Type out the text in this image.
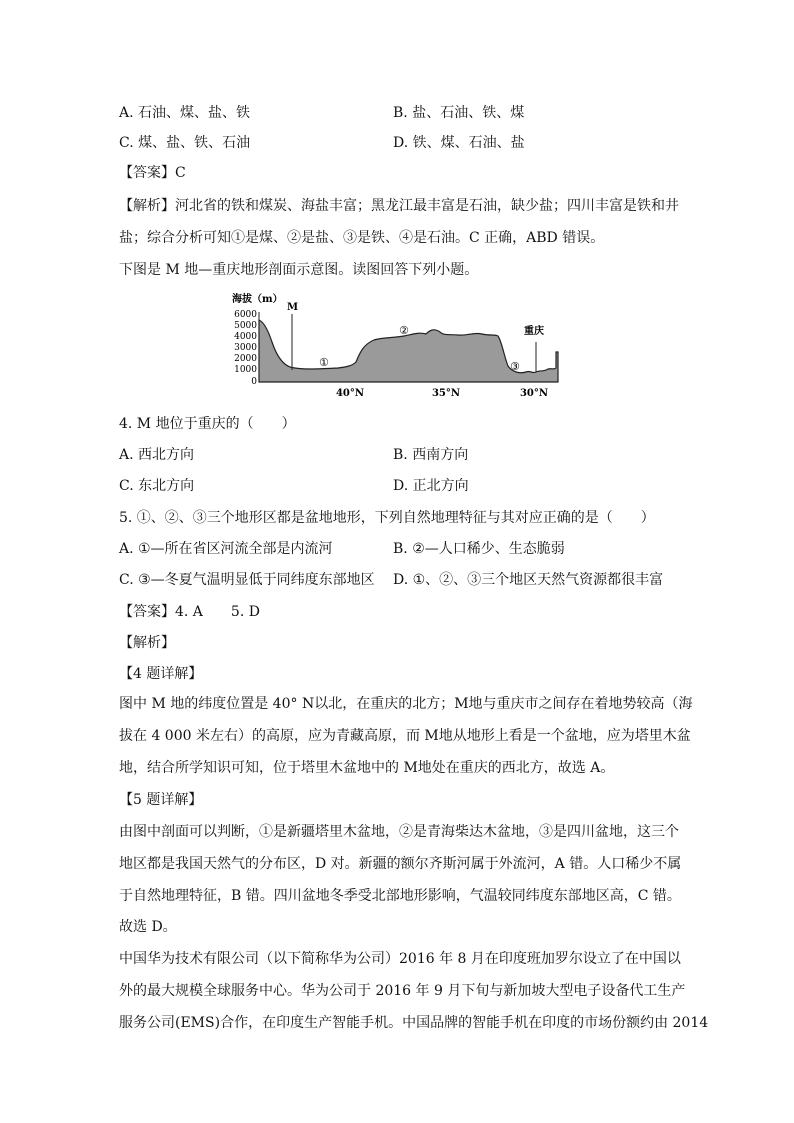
A. 石油、煤、盐、铁	B. 盐、石油、铁、煤
C. 煤、盐、铁、石油	D. 铁、煤、石油、盐
【答案】C
【解析】河北省的铁和煤炭、海盐丰富；黑龙江最丰富是石油，缺少盐；四川丰富是铁和井
盐；综合分析可知①是煤、②是盐、③是铁、④是石油。C 正确，ABD 错误。
下图是 M 地—重庆地形剖面示意图。读图回答下列小题。
海拔（m）
6000
5000
4000
3000
2000
1000
0
M
重庆
①
②
③
40°N	35°N	30°N
4. M 地位于重庆的（　　）
A. 西北方向	B. 西南方向
C. 东北方向	D. 正北方向
5. ①、②、③三个地形区都是盆地地形，下列自然地理特征与其对应正确的是（　　）
A. ①—所在省区河流全部是内流河	B. ②—人口稀少、生态脆弱
C. ③—冬夏气温明显低于同纬度东部地区 D. ①、②、③三个地区天然气资源都很丰富
【答案】4. A　　5. D
【解析】
【4 题详解】
图中 M 地的纬度位置是 40° N以北，在重庆的北方；M地与重庆市之间存在着地势较高（海
拔在 4 000 米左右）的高原，应为青藏高原，而 M地从地形上看是一个盆地，应为塔里木盆
地，结合所学知识可知，位于塔里木盆地中的 M地处在重庆的西北方，故选 A。
【5 题详解】
由图中剖面可以判断，①是新疆塔里木盆地，②是青海柴达木盆地，③是四川盆地，这三个
地区都是我国天然气的分布区，D 对。新疆的额尔齐斯河属于外流河，A 错。人口稀少不属
于自然地理特征，B 错。四川盆地冬季受北部地形影响，气温较同纬度东部地区高，C 错。
故选 D。
中国华为技术有限公司（以下简称华为公司）2016 年 8 月在印度班加罗尔设立了在中国以
外的最大规模全球服务中心。华为公司于 2016 年 9 月下旬与新加坡大型电子设备代工生产
服务公司(EMS)合作，在印度生产智能手机。中国品牌的智能手机在印度的市场份额约由 2014
